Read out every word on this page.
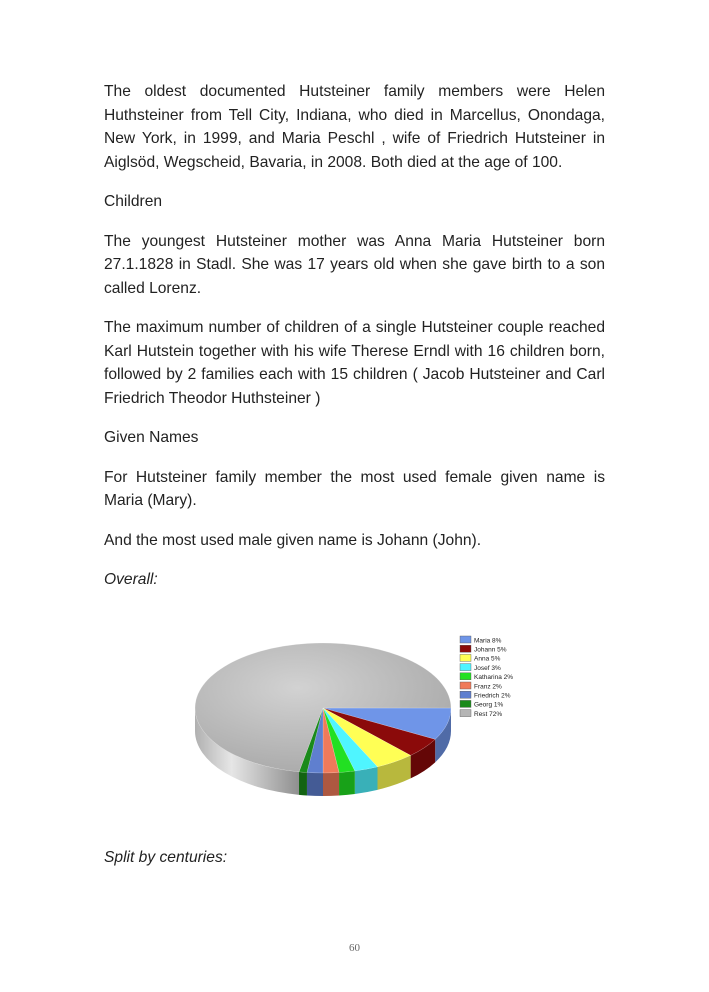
The oldest documented Hutsteiner family members were Helen Huthsteiner from Tell City, Indiana, who died in Marcellus, Onondaga, New York, in 1999, and Maria Peschl , wife of Friedrich Hutsteiner in Aiglsöd, Wegscheid, Bavaria, in 2008. Both died at the age of 100.

Children

The youngest Hutsteiner mother was Anna Maria Hutsteiner born 27.1.1828 in Stadl. She was 17 years old when she gave birth to a son called Lorenz.

The maximum number of children of a single Hutsteiner couple reached Karl Hutstein together with his wife Therese Erndl with 16 children born, followed by 2 families each with 15 children ( Jacob Hutsteiner and Carl Friedrich Theodor Huthsteiner )

Given Names

For Hutsteiner family member the most used female given name is Maria (Mary).

And the most used male given name is Johann (John).

Overall:

Maria 8%
Johann 5%
Anna 5%
Josef 3%
Katharina 2%
Franz 2%
Friedrich 2%
Georg 1%
Rest 72%

Split by centuries:

60
